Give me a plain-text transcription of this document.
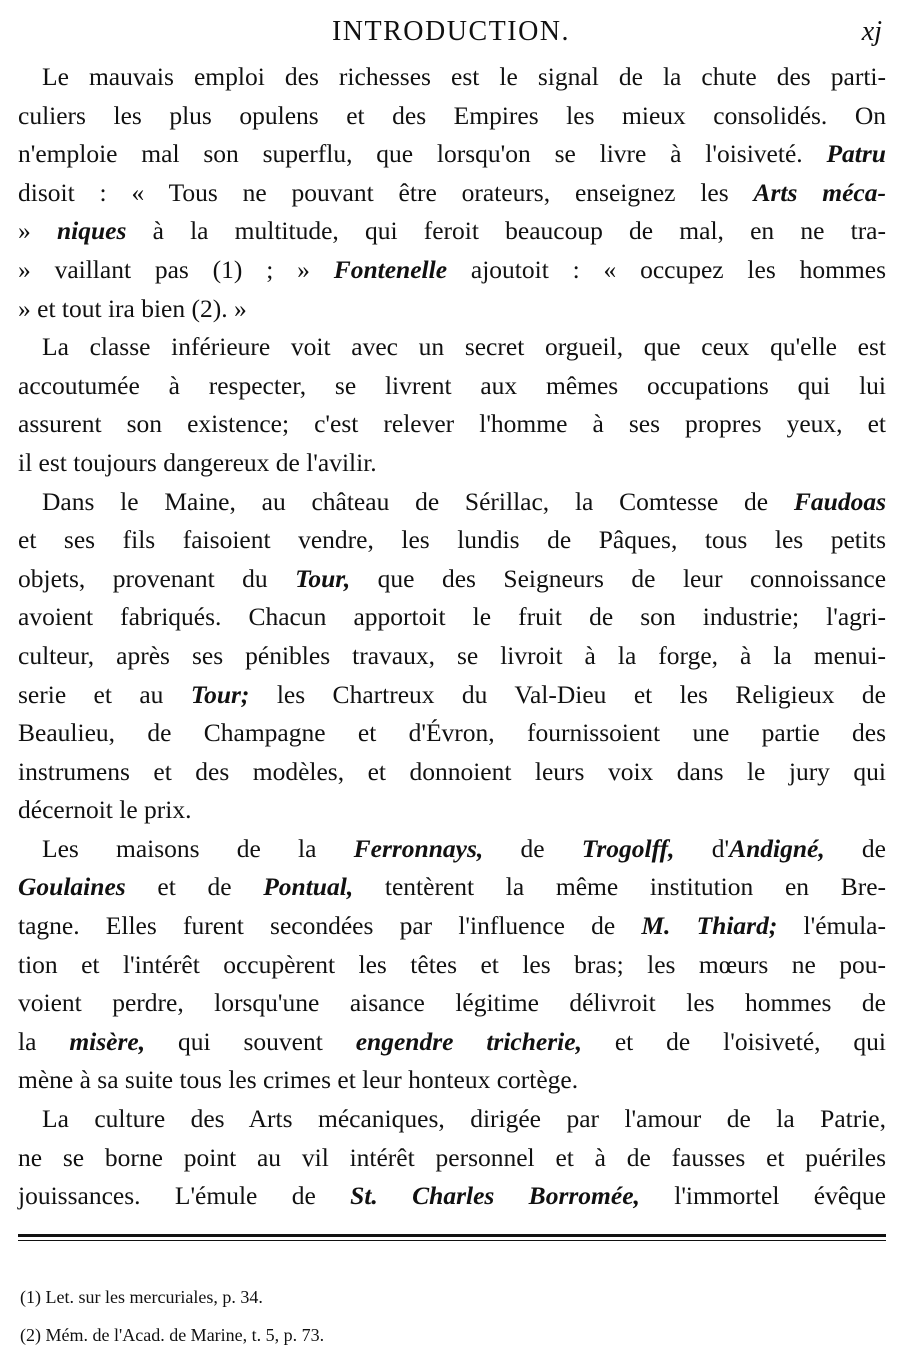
INTRODUCTION.	xj
Le mauvais emploi des richesses est le signal de la chute des parti-
culiers les plus opulens et des Empires les mieux consolidés. On
n'emploie mal son superflu, que lorsqu'on se livre à l'oisiveté. Patru
disoit : « Tous ne pouvant être orateurs, enseignez les Arts méca-
» niques à la multitude, qui feroit beaucoup de mal, en ne tra-
» vaillant pas (1) ; » Fontenelle ajoutoit : « occupez les hommes
» et tout ira bien (2). »
La classe inférieure voit avec un secret orgueil, que ceux qu'elle est
accoutumée à respecter, se livrent aux mêmes occupations qui lui
assurent son existence; c'est relever l'homme à ses propres yeux, et
il est toujours dangereux de l'avilir.
Dans le Maine, au château de Sérillac, la Comtesse de Faudoas
et ses fils faisoient vendre, les lundis de Pâques, tous les petits
objets, provenant du Tour, que des Seigneurs de leur connoissance
avoient fabriqués. Chacun apportoit le fruit de son industrie; l'agri-
culteur, après ses pénibles travaux, se livroit à la forge, à la menui-
serie et au Tour; les Chartreux du Val-Dieu et les Religieux de
Beaulieu, de Champagne et d'Évron, fournissoient une partie des
instrumens et des modèles, et donnoient leurs voix dans le jury qui
décernoit le prix.
Les maisons de la Ferronnays, de Trogolff, d'Andigné, de
Goulaines et de Pontual, tentèrent la même institution en Bre-
tagne. Elles furent secondées par l'influence de M. Thiard; l'émula-
tion et l'intérêt occupèrent les têtes et les bras; les mœurs ne pou-
voient perdre, lorsqu'une aisance légitime délivroit les hommes de
la misère, qui souvent engendre tricherie, et de l'oisiveté, qui
mène à sa suite tous les crimes et leur honteux cortège.
La culture des Arts mécaniques, dirigée par l'amour de la Patrie,
ne se borne point au vil intérêt personnel et à de fausses et puériles
jouissances. L'émule de St. Charles Borromée, l'immortel évêque
(1) Let. sur les mercuriales, p. 34.
(2) Mém. de l'Acad. de Marine, t. 5, p. 73.
